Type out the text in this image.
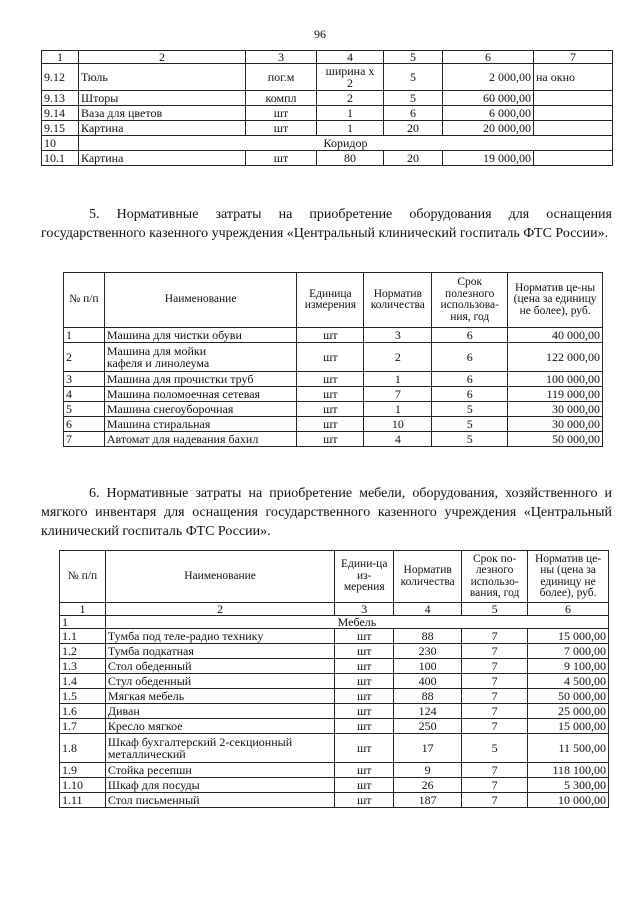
96
1	2	3	4	5	6	7
9.12	Тюль	пог.м	ширина х 2	5	2 000,00	на окно
9.13	Шторы	компл	2	5	60 000,00	
9.14	Ваза для цветов	шт	1	6	6 000,00	
9.15	Картина	шт	1	20	20 000,00	
10	Коридор					
10.1	Картина	шт	80	20	19 000,00	
5. Нормативные затраты на приобретение оборудования для оснащения государственного казенного учреждения «Центральный клинический госпиталь ФТС России».
№ п/п	Наименование	Единица измерения	Норматив количества	Срок полезного использова-ния, год	Норматив це-ны (цена за единицу не более), руб.
1	Машина для чистки обуви	шт	3	6	40 000,00
2	Машина для мойки кафеля и линолеума	шт	2	6	122 000,00
3	Машина для прочистки труб	шт	1	6	100 000,00
4	Машина поломоечная сетевая	шт	7	6	119 000,00
5	Машина снегоуборочная	шт	1	5	30 000,00
6	Машина стиральная	шт	10	5	30 000,00
7	Автомат для надевания бахил	шт	4	5	50 000,00
6. Нормативные затраты на приобретение мебели, оборудования, хозяйственного и мягкого инвентаря для оснащения государственного казенного учреждения «Центральный клинический госпиталь ФТС России».
№ п/п	Наименование	Едини-ца из-мерения	Норматив количества	Срок по-лезного использо-вания, год	Норматив це-ны (цена за единицу не более), руб.
1	2	3	4	5	6
1	Мебель				
1.1	Тумба под теле-радио технику	шт	88	7	15 000,00
1.2	Тумба подкатная	шт	230	7	7 000,00
1.3	Стол обеденный	шт	100	7	9 100,00
1.4	Стул обеденный	шт	400	7	4 500,00
1.5	Мягкая мебель	шт	88	7	50 000,00
1.6	Диван	шт	124	7	25 000,00
1.7	Кресло мягкое	шт	250	7	15 000,00
1.8	Шкаф бухгалтерский 2-секционный металлический	шт	17	5	11 500,00
1.9	Стойка ресепшн	шт	9	7	118 100,00
1.10	Шкаф для посуды	шт	26	7	5 300,00
1.11	Стол письменный	шт	187	7	10 000,00
